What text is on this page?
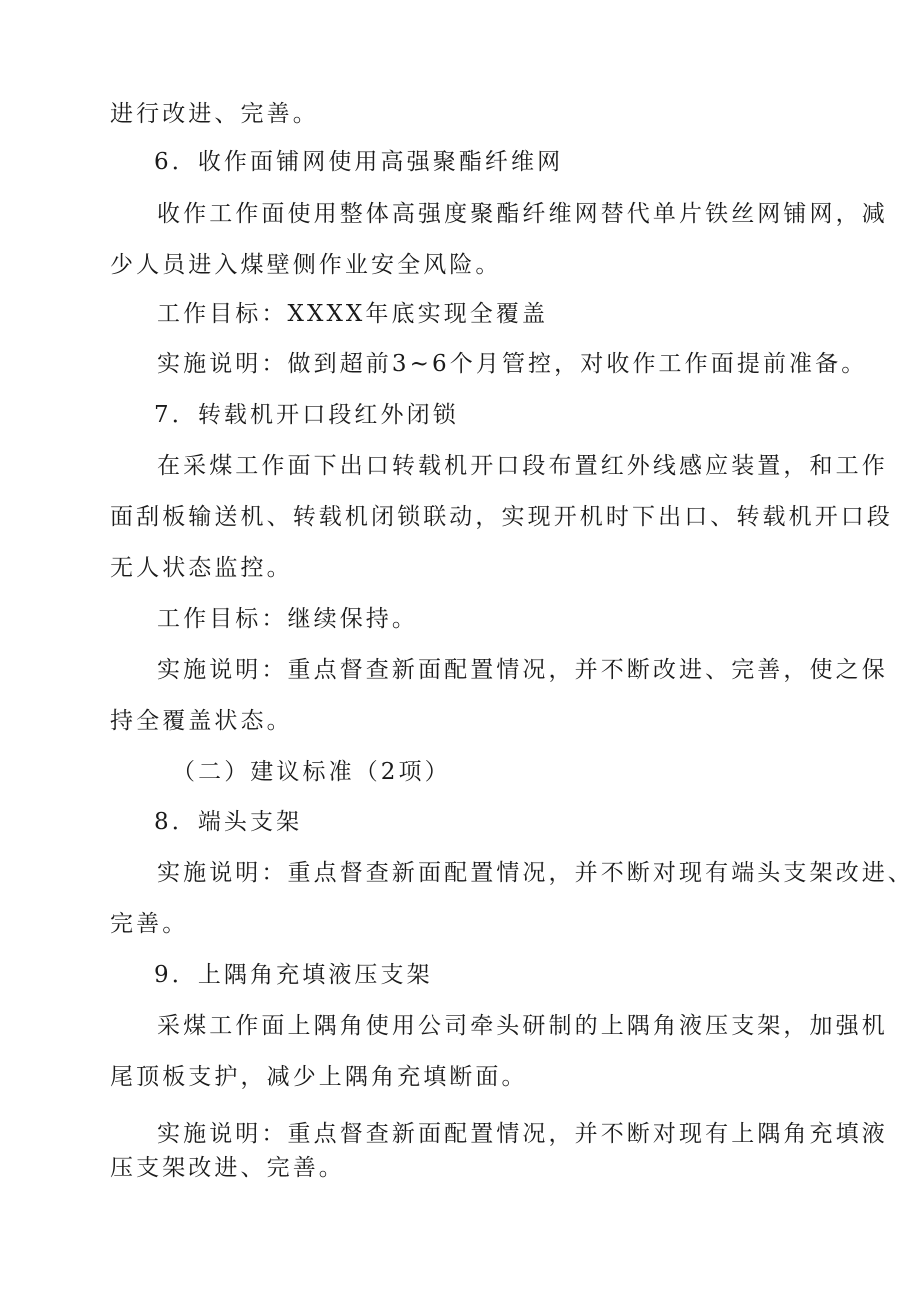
进行改进、完善。
6．收作面铺网使用高强聚酯纤维网
收作工作面使用整体高强度聚酯纤维网替代单片铁丝网铺网，减
少人员进入煤壁侧作业安全风险。
工作目标：XXXX年底实现全覆盖
实施说明：做到超前3~6个月管控，对收作工作面提前准备。
7．转载机开口段红外闭锁
在采煤工作面下出口转载机开口段布置红外线感应装置，和工作
面刮板输送机、转载机闭锁联动，实现开机时下出口、转载机开口段
无人状态监控。
工作目标：继续保持。
实施说明：重点督查新面配置情况，并不断改进、完善，使之保
持全覆盖状态。
（二）建议标准（2项）
8．端头支架
实施说明：重点督查新面配置情况，并不断对现有端头支架改进、
完善。
9．上隅角充填液压支架
采煤工作面上隅角使用公司牵头研制的上隅角液压支架，加强机
尾顶板支护，减少上隅角充填断面。
实施说明：重点督查新面配置情况，并不断对现有上隅角充填液
压支架改进、完善。
